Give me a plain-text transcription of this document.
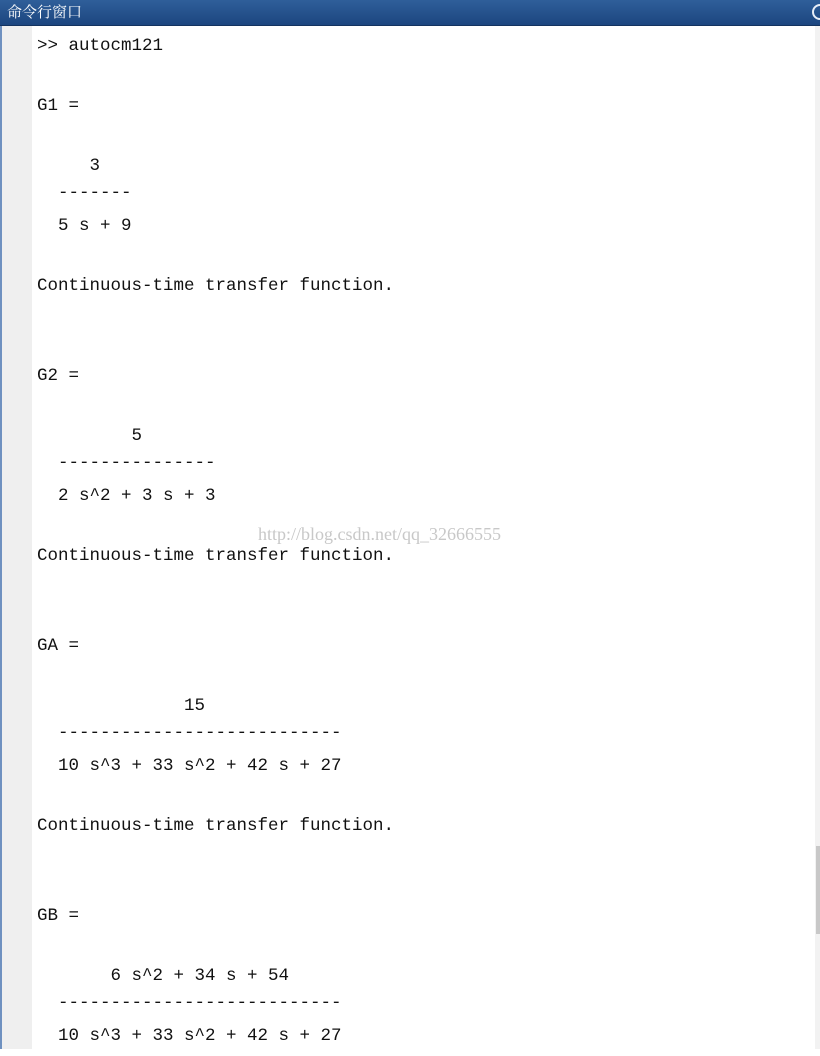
命令行窗口
>> autocm121
G1 =
3
-------
5 s + 9
Continuous-time transfer function.
G2 =
5
---------------
2 s^2 + 3 s + 3
Continuous-time transfer function.
GA =
15
---------------------------
10 s^3 + 33 s^2 + 42 s + 27
Continuous-time transfer function.
GB =
6 s^2 + 34 s + 54
---------------------------
10 s^3 + 33 s^2 + 42 s + 27
http://blog.csdn.net/qq_32666555
